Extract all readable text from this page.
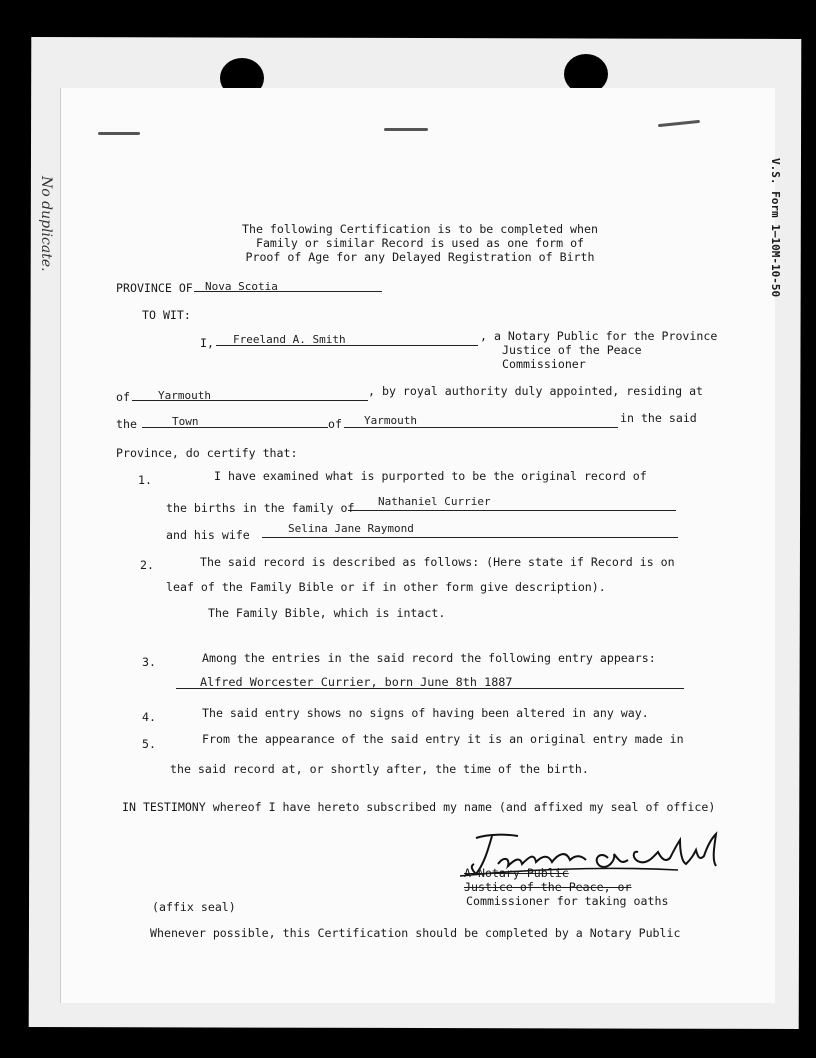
V.S. Form 1—10M-10-50
No duplicate.	The following Certification is to be completed when
Family or similar Record is used as one form of
Proof of Age for any Delayed Registration of Birth
PROVINCE OF Nova Scotia
TO WIT:
I, Freeland A. Smith	, a Notary Public for the Province
Justice of the Peace
Commissioner
of	Yarmouth	, by royal authority duly appointed, residing at
the	Town	of Yarmouth	in the said
Province, do certify that:
1.	I have examined what is purported to be the original record of
the births in the family of Nathaniel Currier
and his wife	Selina Jane Raymond
2.	The said record is described as follows: (Here state if Record is on
leaf of the Family Bible or if in other form give description).
The Family Bible, which is intact.
3.	Among the entries in the said record the following entry appears:
Alfred Worcester Currier, born June 8th 1887
4.	The said entry shows no signs of having been altered in any way.
5.	From the appearance of the said entry it is an original entry made in
the said record at, or shortly after, the time of the birth.
IN TESTIMONY whereof I have hereto subscribed my name (and affixed my seal of office)
A Notary Public
Justice of the Peace, or
Commissioner for taking oaths
(affix seal)
Whenever possible, this Certification should be completed by a Notary Public
